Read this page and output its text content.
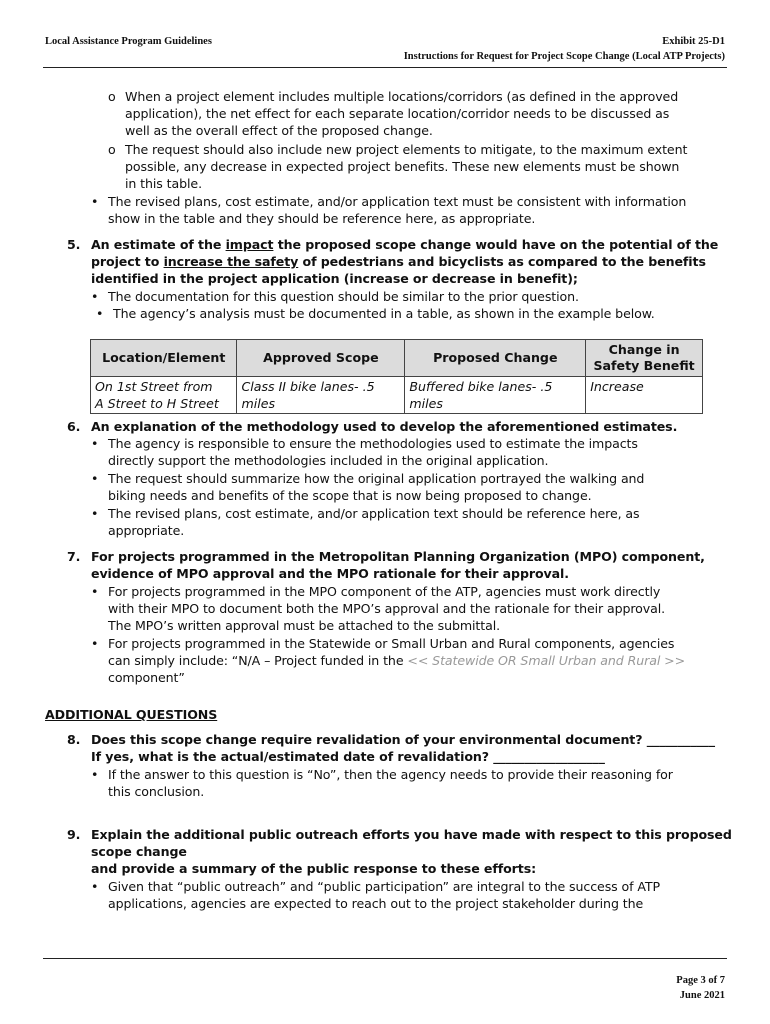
Local Assistance Program Guidelines	Exhibit 25-D1
Instructions for Request for Project Scope Change (Local ATP Projects)
o When a project element includes multiple locations/corridors (as defined in the approved
application), the net effect for each separate location/corridor needs to be discussed as
well as the overall effect of the proposed change.
o The request should also include new project elements to mitigate, to the maximum extent
possible, any decrease in expected project benefits. These new elements must be shown
in this table.
• The revised plans, cost estimate, and/or application text must be consistent with information
show in the table and they should be reference here, as appropriate.
5. An estimate of the impact the proposed scope change would have on the potential of the
project to increase the safety of pedestrians and bicyclists as compared to the benefits
identified in the project application (increase or decrease in benefit);
• The documentation for this question should be similar to the prior question.
• The agency’s analysis must be documented in a table, as shown in the example below.
6. An explanation of the methodology used to develop the aforementioned estimates.
• The agency is responsible to ensure the methodologies used to estimate the impacts
directly support the methodologies included in the original application.
• The request should summarize how the original application portrayed the walking and
biking needs and benefits of the scope that is now being proposed to change.
• The revised plans, cost estimate, and/or application text should be reference here, as
appropriate.
7. For projects programmed in the Metropolitan Planning Organization (MPO) component,
evidence of MPO approval and the MPO rationale for their approval.
• For projects programmed in the MPO component of the ATP, agencies must work directly
with their MPO to document both the MPO’s approval and the rationale for their approval.
The MPO’s written approval must be attached to the submittal.
• For projects programmed in the Statewide or Small Urban and Rural components, agencies
can simply include: “N/A – Project funded in the << Statewide OR Small Urban and Rural >>
component”
ADDITIONAL QUESTIONS
8. Does this scope change require revalidation of your environmental document? ___________
If yes, what is the actual/estimated date of revalidation? __________________
• If the answer to this question is “No”, then the agency needs to provide their reasoning for
this conclusion.
9. Explain the additional public outreach efforts you have made with respect to this proposed
scope change
and provide a summary of the public response to these efforts:
• Given that “public outreach” and “public participation” are integral to the success of ATP
applications, agencies are expected to reach out to the project stakeholder during the
Location/Element	Approved Scope	Proposed Change	Change in
Safety Benefit
On 1st Street from
A Street to H Street	Class II bike lanes- .5
miles	Buffered bike lanes- .5
miles	Increase

Page 3 of 7
June 2021
